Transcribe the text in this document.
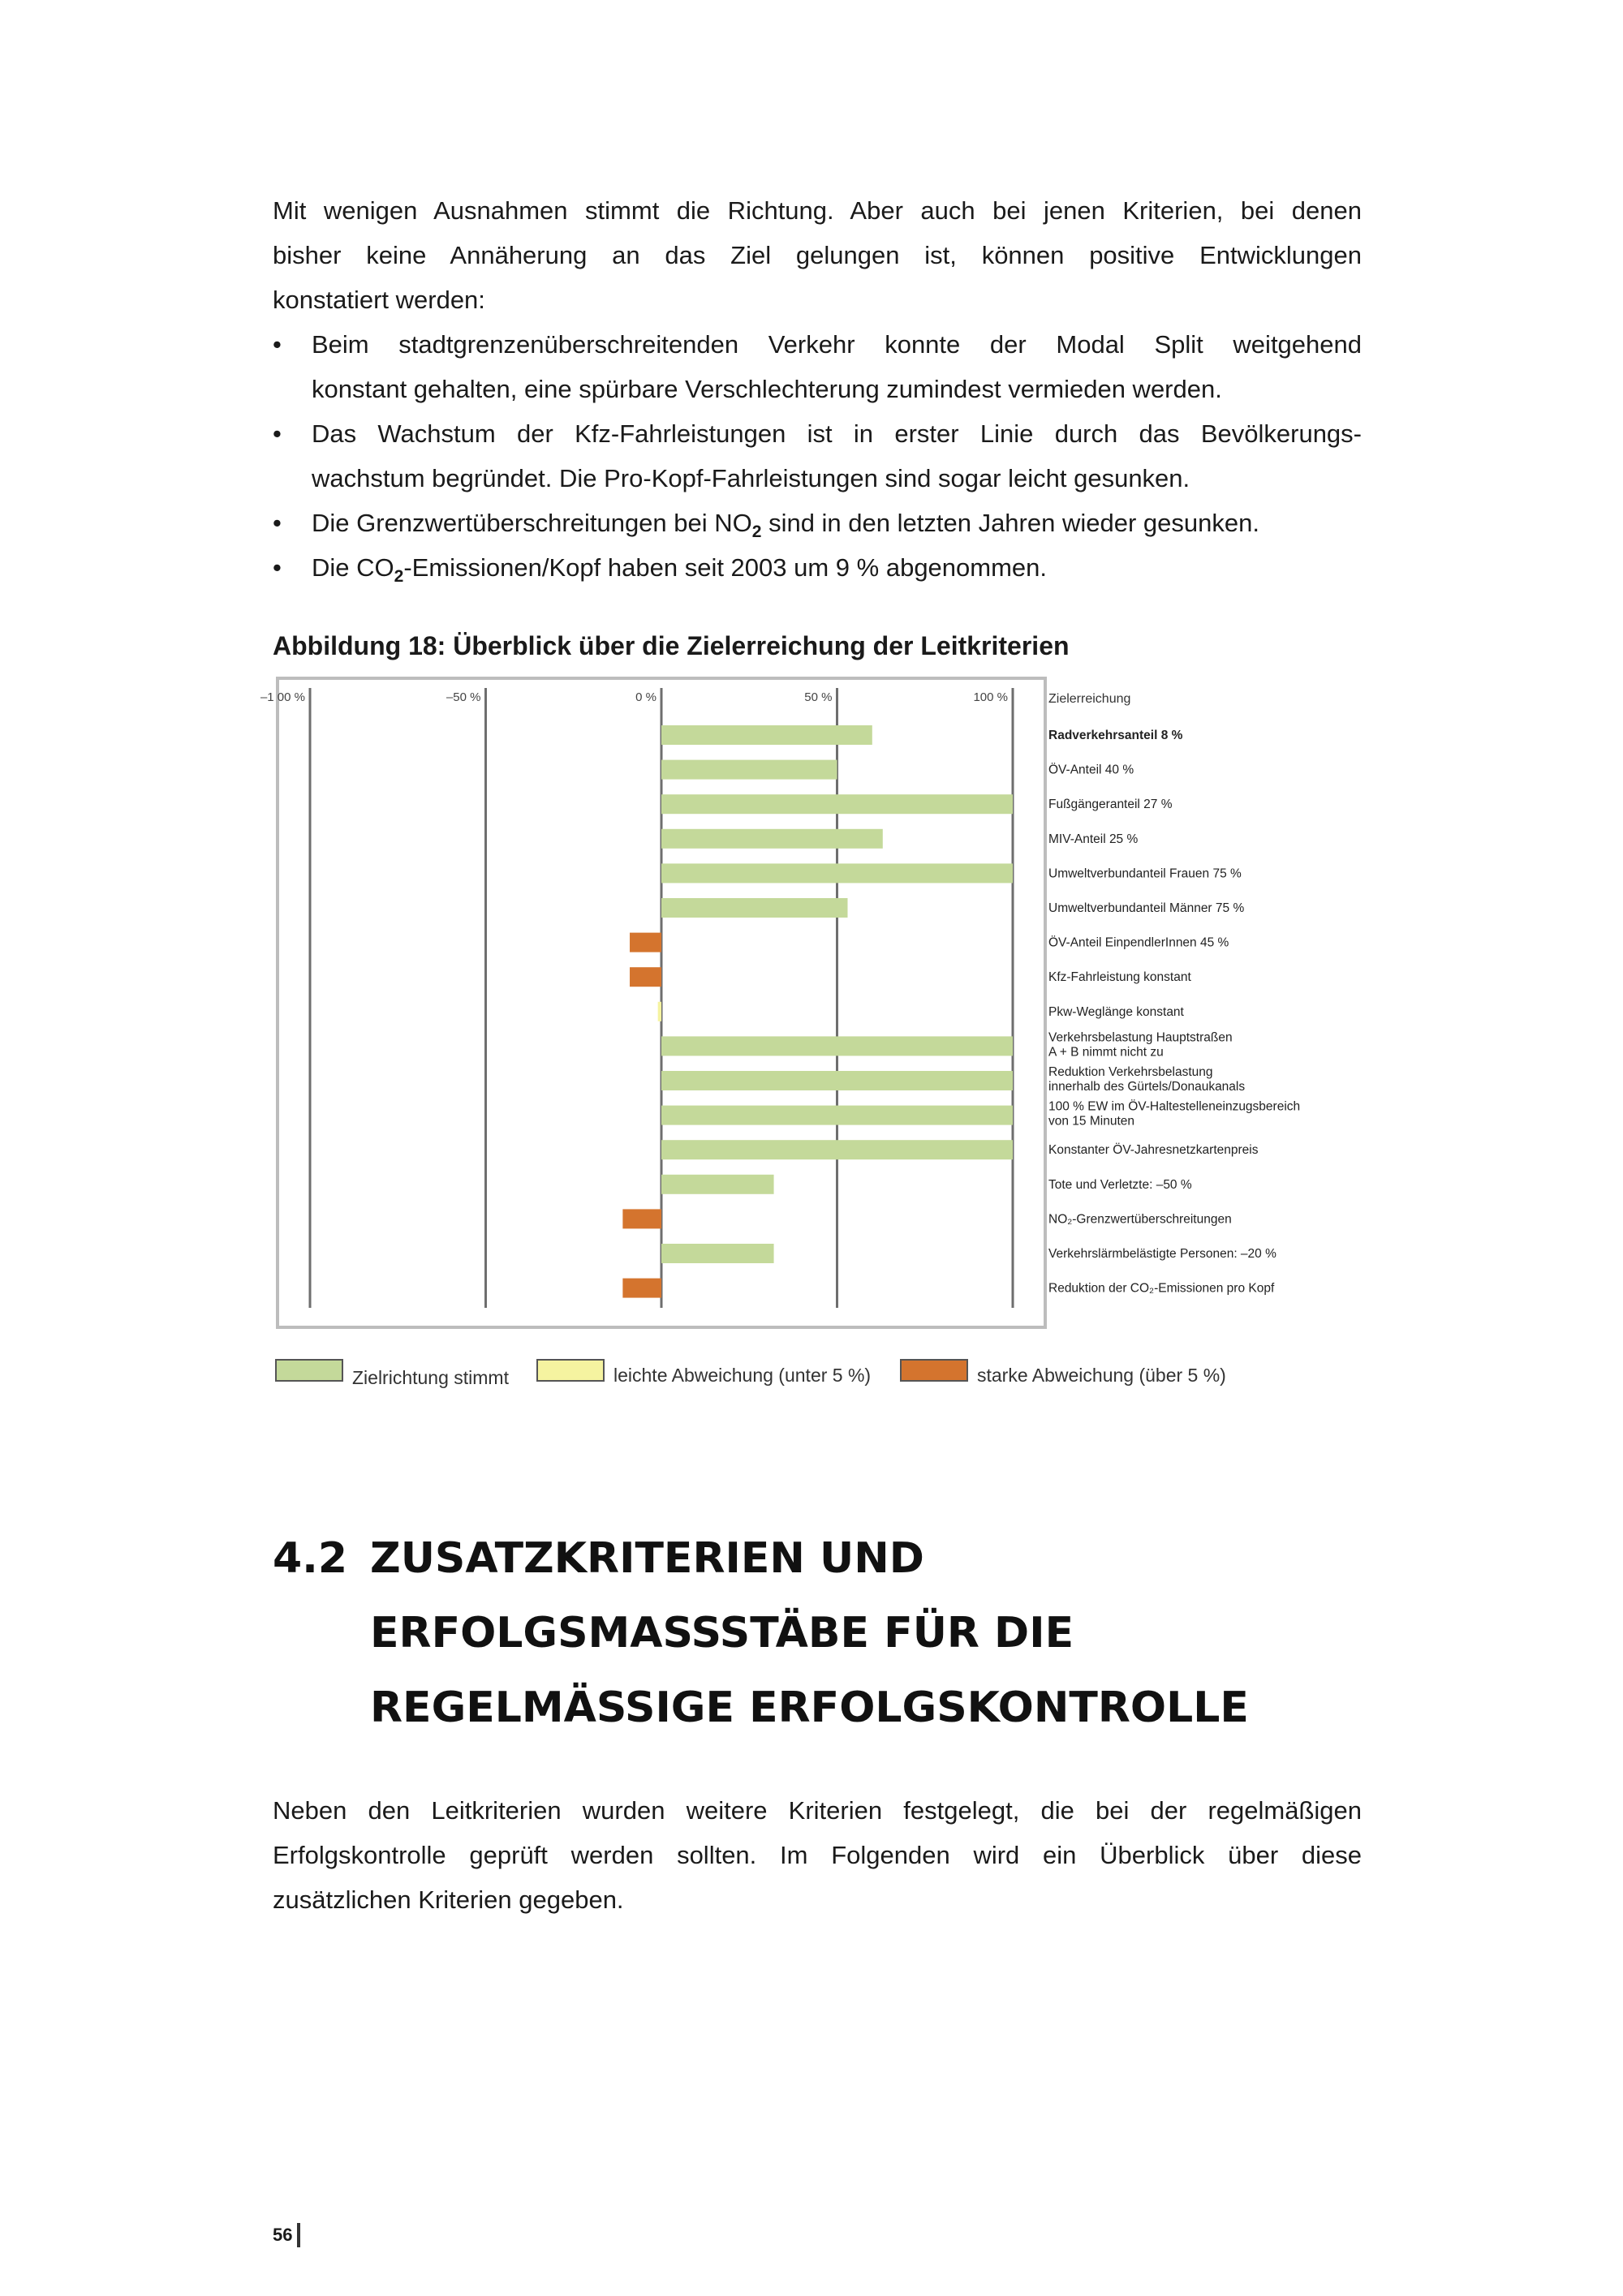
Mit wenigen Ausnahmen stimmt die Richtung. Aber auch bei jenen Kriterien, bei denen
bisher keine Annäherung an das Ziel gelungen ist, können positive Entwicklungen
konstatiert werden:
• Beim stadtgrenzenüberschreitenden Verkehr konnte der Modal Split weitgehend
konstant gehalten, eine spürbare Verschlechterung zumindest vermieden werden.
• Das Wachstum der Kfz-Fahrleistungen ist in erster Linie durch das Bevölkerungs-
wachstum begründet. Die Pro-Kopf-Fahrleistungen sind sogar leicht gesunken.
• Die Grenzwertüberschreitungen bei $NO_2$ sind in den letzten Jahren wieder gesunken.
• Die $CO_2-Emissionen$/Kopf haben seit 2003 um 9 % abgenommen.
Abbildung 18: Überblick über die Zielerreichung der Leitkriterien
–1 00 %	–50 %	0 %	50 %	100 %	Zielerreichung
Radverkehrsanteil 8 %
ÖV-Anteil 40 %
Fußgängeranteil 27 %
MIV-Anteil 25 %
Umweltverbundanteil Frauen 75 %
Umweltverbundanteil Männer 75 %
ÖV-Anteil EinpendlerInnen 45 %
Kfz-Fahrleistung konstant
Pkw-Weglänge konstant
Verkehrsbelastung Hauptstraßen
A + B nimmt nicht zu
Reduktion Verkehrsbelastung
innerhalb des Gürtels/Donaukanals
100 % EW im ÖV-Haltestelleneinzugsbereich
von 15 Minuten
Konstanter ÖV-Jahresnetzkartenpreis
Tote und Verletzte: –50 %
NO₂-Grenzwertüberschreitungen
Verkehrslärmbelästigte Personen: –20 %
Reduktion der CO₂-Emissionen pro Kopf
Zielrichtung stimmt	leichte Abweichung (unter 5 %)	starke Abweichung (über 5 %)
4.2 ZUSATZKRITERIEN UND
ERFOLGSMASSSTÄBE FÜR DIE
REGELMÄSSIGE ERFOLGSKONTROLLE
Neben den Leitkriterien wurden weitere Kriterien festgelegt, die bei der regelmäßigen
Erfolgskontrolle geprüft werden sollten. Im Folgenden wird ein Überblick über diese
zusätzlichen Kriterien gegeben.
56
